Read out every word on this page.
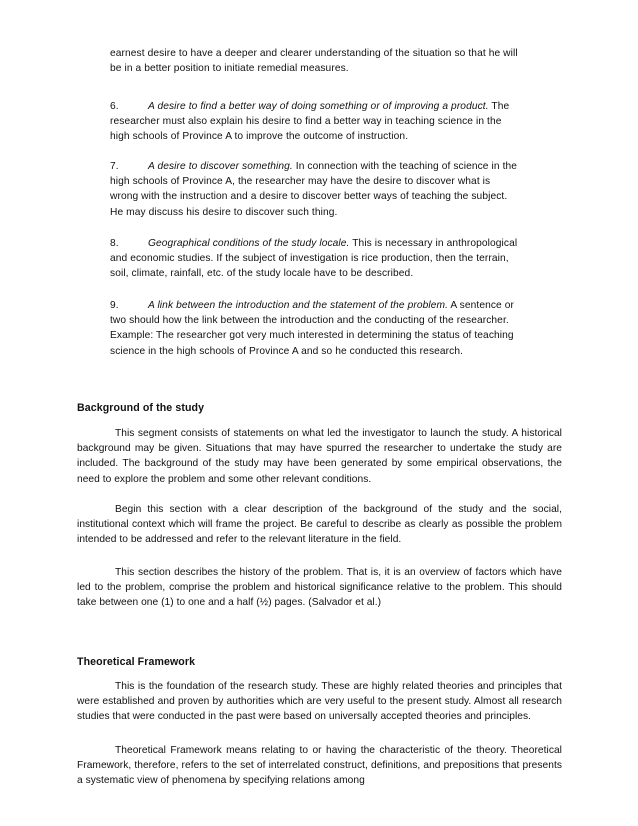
earnest desire to have a deeper and clearer understanding of the situation so that he will be in a better position to initiate remedial measures.
6.	A desire to find a better way of doing something or of improving a product. The researcher must also explain his desire to find a better way in teaching science in the high schools of Province A to improve the outcome of instruction.
7.	A desire to discover something. In connection with the teaching of science in the high schools of Province A, the researcher may have the desire to discover what is wrong with the instruction and a desire to discover better ways of teaching the subject. He may discuss his desire to discover such thing.
8.	Geographical conditions of the study locale. This is necessary in anthropological and economic studies. If the subject of investigation is rice production, then the terrain, soil, climate, rainfall, etc. of the study locale have to be described.
9.	A link between the introduction and the statement of the problem. A sentence or two should how the link between the introduction and the conducting of the researcher. Example: The researcher got very much interested in determining the status of teaching science in the high schools of Province A and so he conducted this research.
Background of the study

This segment consists of statements on what led the investigator to launch the study. A historical background may be given. Situations that may have spurred the researcher to undertake the study are included. The background of the study may have been generated by some empirical observations, the need to explore the problem and some other relevant conditions.

Begin this section with a clear description of the background of the study and the social, institutional context which will frame the project. Be careful to describe as clearly as possible the problem intended to be addressed and refer to the relevant literature in the field.

This section describes the history of the problem. That is, it is an overview of factors which have led to the problem, comprise the problem and historical significance relative to the problem. This should take between one (1) to one and a half (½) pages. (Salvador et al.)

Theoretical Framework

This is the foundation of the research study. These are highly related theories and principles that were established and proven by authorities which are very useful to the present study. Almost all research studies that were conducted in the past were based on universally accepted theories and principles.

Theoretical Framework means relating to or having the characteristic of the theory. Theoretical Framework, therefore, refers to the set of interrelated construct, definitions, and prepositions that presents a systematic view of phenomena by specifying relations among
